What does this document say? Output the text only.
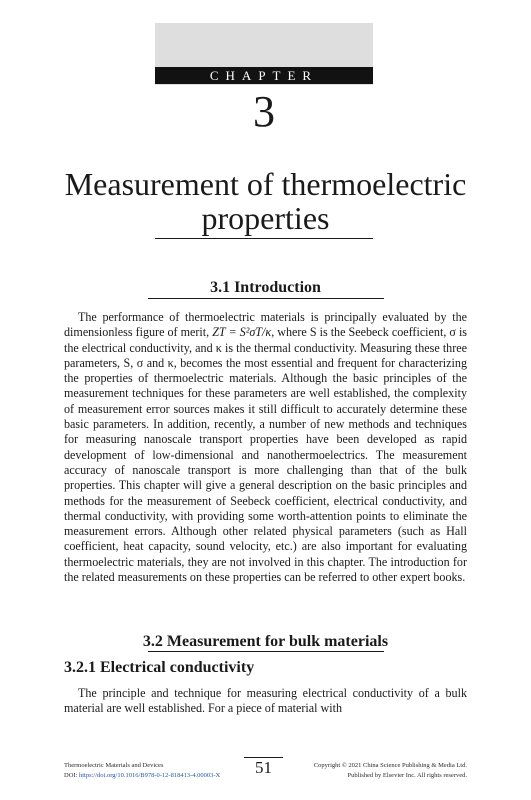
CHAPTER
3
Measurement of thermoelectric
properties
3.1 Introduction

The performance of thermoelectric materials is principally evaluated by the dimensionless figure of merit, ZT = S²σT/κ, where S is the Seebeck coefficient, σ is the electrical conductivity, and κ is the thermal conductivity. Measuring these three parameters, S, σ and κ, becomes the most essential and frequent for characterizing the properties of thermoelectric materials. Although the basic principles of the measurement techniques for these parameters are well established, the complexity of measurement error sources makes it still difficult to accurately determine these basic parameters. In addition, recently, a number of new methods and techniques for measuring nanoscale transport properties have been developed as rapid development of low-dimensional and nanothermoelectrics. The measurement accuracy of nanoscale transport is more challenging than that of the bulk properties. This chapter will give a general description on the basic principles and methods for the measurement of Seebeck coefficient, electrical conductivity, and thermal conductivity, with providing some worth-attention points to eliminate the measurement errors. Although other related physical parameters (such as Hall coefficient, heat capacity, sound velocity, etc.) are also important for evaluating thermoelectric materials, they are not involved in this chapter. The introduction for the related measurements on these properties can be referred to other expert books.

3.2 Measurement for bulk materials
3.2.1 Electrical conductivity

The principle and technique for measuring electrical conductivity of a bulk material are well established. For a piece of material with

Thermoelectric Materials and Devices
DOI: https://doi.org/10.1016/B978-0-12-818413-4.00003-X	51	Copyright © 2021 China Science Publishing & Media Ltd.
Published by Elsevier Inc. All rights reserved.
